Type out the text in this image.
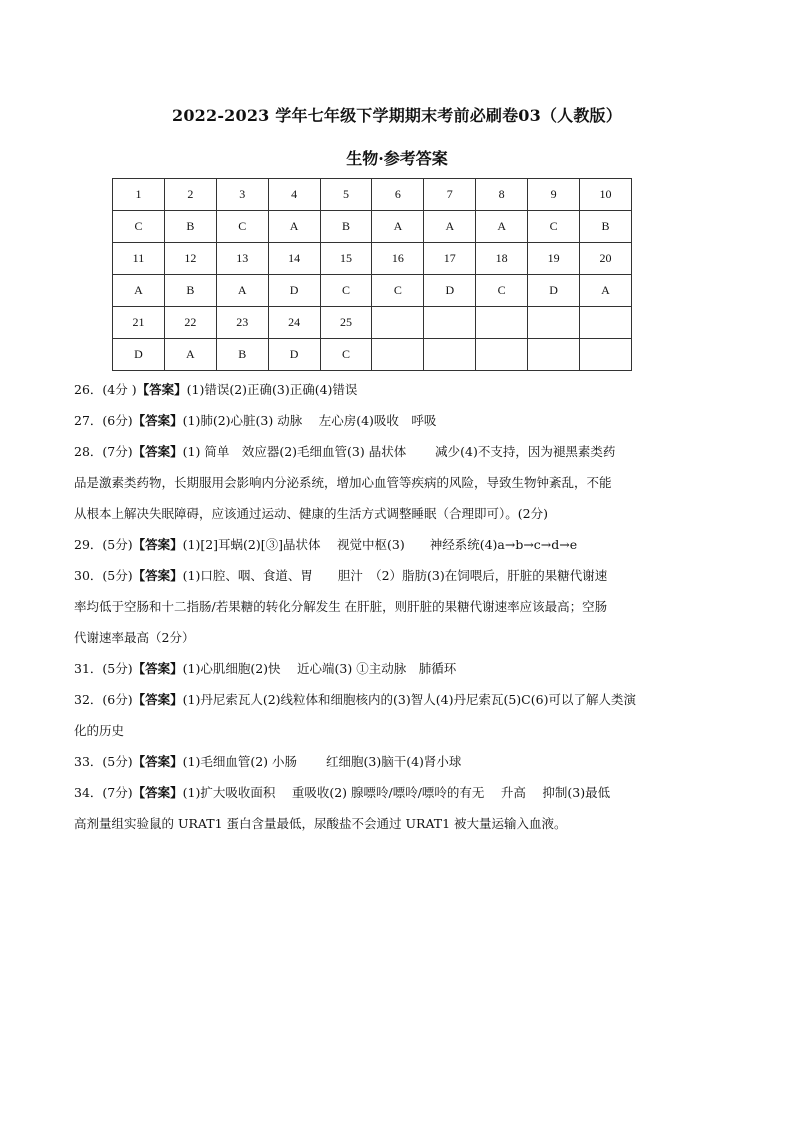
2022-2023 学年七年级下学期期末考前必刷卷03（人教版）
生物·参考答案
1	2	3	4	5	6	7	8	9	10
C	B	C	A	B	A	A	A	C	B
11	12	13	14	15	16	17	18	19	20
A	B	A	D	C	C	D	C	D	A
21	22	23	24	25					
D	A	B	D	C					

26．(4分 )【答案】(1)错误(2)正确(3)正确(4)错误

27．(6分)【答案】(1)肺(2)心脏(3) 动脉　 左心房(4)吸收　呼吸

28．(7分)【答案】(1) 简单　效应器(2)毛细血管(3) 晶状体　　 减少(4)不支持，因为褪黑素类药

品是激素类药物，长期服用会影响内分泌系统，增加心血管等疾病的风险，导致生物钟紊乱，不能

从根本上解决失眠障碍，应该通过运动、健康的生活方式调整睡眠（合理即可）。(2分)

29．(5分)【答案】(1)[2]耳蜗(2)[③]晶状体　 视觉中枢(3)　　神经系统(4)a→b→c→d→e

30．(5分)【答案】(1)口腔、咽、食道、胃　　胆汁　（2）脂肪(3)在饲喂后，肝脏的果糖代谢速

率均低于空肠和十二指肠/若果糖的转化分解发生 在肝脏，则肝脏的果糖代谢速率应该最高；空肠

代谢速率最高（2分）

31．(5分)【答案】(1)心肌细胞(2)快　 近心端(3) ①主动脉　肺循环

32．(6分)【答案】(1)丹尼索瓦人(2)线粒体和细胞核内的(3)智人(4)丹尼索瓦(5)C(6)可以了解人类演

化的历史

33．(5分)【答案】(1)毛细血管(2) 小肠　　 红细胞(3)脑干(4)肾小球

34．(7分)【答案】(1)扩大吸收面积　 重吸收(2) 腺嘌呤/嘌呤/嘌呤的有无　 升高　 抑制(3)最低

高剂量组实验鼠的 URAT1 蛋白含量最低，尿酸盐不会通过 URAT1 被大量运输入血液。
